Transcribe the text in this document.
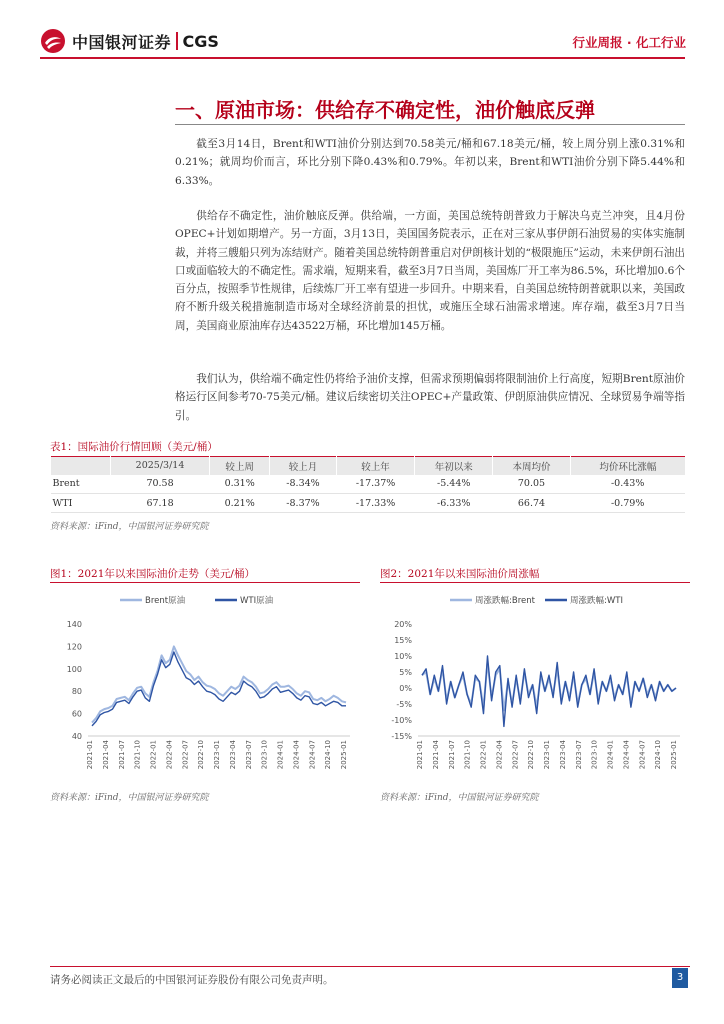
中国银河证券 CGS	行业周报 · 化工行业
一、原油市场：供给存不确定性，油价触底反弹

截至3月14日，Brent和WTI油价分别达到70.58美元/桶和67.18美元/桶，较上周分别上涨0.31%和0.21%；就周均价而言，环比分别下降0.43%和0.79%。年初以来，Brent和WTI油价分别下降5.44%和6.33%。

供给存不确定性，油价触底反弹。供给端，一方面，美国总统特朗普致力于解决乌克兰冲突，且4月份OPEC+计划如期增产。另一方面，3月13日，美国国务院表示，正在对三家从事伊朗石油贸易的实体实施制裁，并将三艘船只列为冻结财产。随着美国总统特朗普重启对伊朗核计划的“极限施压”运动，未来伊朗石油出口或面临较大的不确定性。需求端，短期来看，截至3月7日当周，美国炼厂开工率为86.5%，环比增加0.6个百分点，按照季节性规律，后续炼厂开工率有望进一步回升。中期来看，自美国总统特朗普就职以来，美国政府不断升级关税措施制造市场对全球经济前景的担忧，或施压全球石油需求增速。库存端，截至3月7日当周，美国商业原油库存达43522万桶，环比增加145万桶。

我们认为，供给端不确定性仍将给予油价支撑，但需求预期偏弱将限制油价上行高度，短期Brent原油价格运行区间参考70-75美元/桶。建议后续密切关注OPEC+产量政策、伊朗原油供应情况、全球贸易争端等指引。

表1：国际油价行情回顾（美元/桶）
	2025/3/14	较上周	较上月	较上年	年初以来	本周均价	均价环比涨幅
Brent	70.58	0.31%	-8.34%	-17.37%	-5.44%	70.05	-0.43%
WTI	67.18	0.21%	-8.37%	-17.33%	-6.33%	66.74	-0.79%
资料来源：iFind，中国银河证券研究院
图1：2021年以来国际油价走势（美元/桶）
Brent原油	WTI原油
140
120
100
80
60
40
2021-01 2021-04 2021-07 2021-10 2022-01 2022-04 2022-07 2022-10 2023-01 2023-04 2023-07 2023-10 2024-01 2024-04 2024-07 2024-10 2025-01
资料来源：iFind，中国银河证券研究院
图2：2021年以来国际油价周涨幅
周涨跌幅:Brent	周涨跌幅:WTI
20%
15%
10%
5%
0%
-5%
-10%
-15%
2021-01 2021-04 2021-07 2021-10 2022-01 2022-04 2022-07 2022-10 2023-01 2023-04 2023-07 2023-10 2024-01 2024-04 2024-07 2024-10 2025-01
资料来源：iFind，中国银河证券研究院
请务必阅读正文最后的中国银河证券股份有限公司免责声明。	3
